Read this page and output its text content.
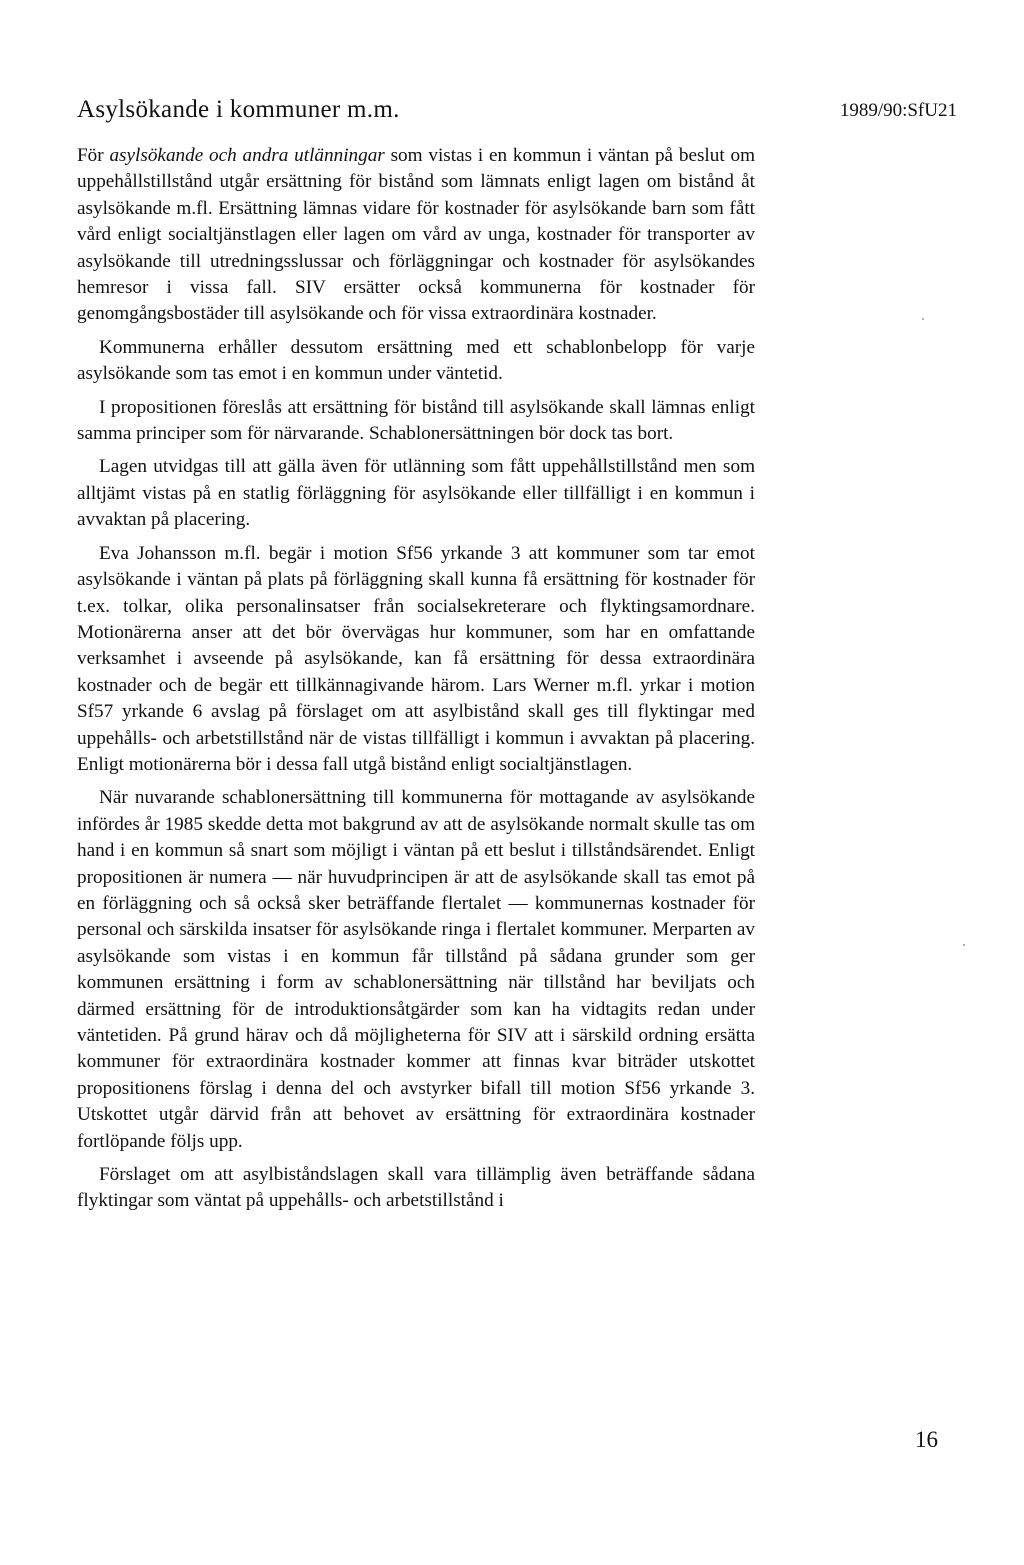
Asylsökande i kommuner m.m.	1989/90:SfU21

För asylsökande och andra utlänningar som vistas i en kommun i väntan på beslut om uppehållstillstånd utgår ersättning för bistånd som lämnats enligt lagen om bistånd åt asylsökande m.fl. Ersättning lämnas vidare för kostnader för asylsökande barn som fått vård enligt socialtjänstlagen eller lagen om vård av unga, kostnader för transporter av asylsökande till utredningsslussar och förläggningar och kostnader för asylsökandes hemresor i vissa fall. SIV ersätter också kommunerna för kostnader för genomgångsbostäder till asylsökande och för vissa extraordinära kostnader.

Kommunerna erhåller dessutom ersättning med ett schablonbelopp för varje asylsökande som tas emot i en kommun under väntetid.

I propositionen föreslås att ersättning för bistånd till asylsökande skall lämnas enligt samma principer som för närvarande. Schablonersättningen bör dock tas bort.

Lagen utvidgas till att gälla även för utlänning som fått uppehållstillstånd men som alltjämt vistas på en statlig förläggning för asylsökande eller tillfälligt i en kommun i avvaktan på placering.

Eva Johansson m.fl. begär i motion Sf56 yrkande 3 att kommuner som tar emot asylsökande i väntan på plats på förläggning skall kunna få ersättning för kostnader för t.ex. tolkar, olika personalinsatser från socialsekreterare och flyktingsamordnare. Motionärerna anser att det bör övervägas hur kommuner, som har en omfattande verksamhet i avseende på asylsökande, kan få ersättning för dessa extraordinära kostnader och de begär ett tillkännagivande härom. Lars Werner m.fl. yrkar i motion Sf57 yrkande 6 avslag på förslaget om att asylbistånd skall ges till flyktingar med uppehålls- och arbetstillstånd när de vistas tillfälligt i kommun i avvaktan på placering. Enligt motionärerna bör i dessa fall utgå bistånd enligt socialtjänstlagen.

När nuvarande schablonersättning till kommunerna för mottagande av asylsökande infördes år 1985 skedde detta mot bakgrund av att de asylsökande normalt skulle tas om hand i en kommun så snart som möjligt i väntan på ett beslut i tillståndsärendet. Enligt propositionen är numera — när huvudprincipen är att de asylsökande skall tas emot på en förläggning och så också sker beträffande flertalet — kommunernas kostnader för personal och särskilda insatser för asylsökande ringa i flertalet kommuner. Merparten av asylsökande som vistas i en kommun får tillstånd på sådana grunder som ger kommunen ersättning i form av schablonersättning när tillstånd har beviljats och därmed ersättning för de introduktionsåtgärder som kan ha vidtagits redan under väntetiden. På grund härav och då möjligheterna för SIV att i särskild ordning ersätta kommuner för extraordinära kostnader kommer att finnas kvar biträder utskottet propositionens förslag i denna del och avstyrker bifall till motion Sf56 yrkande 3. Utskottet utgår därvid från att behovet av ersättning för extraordinära kostnader fortlöpande följs upp.

Förslaget om att asylbiståndslagen skall vara tillämplig även beträffande sådana flyktingar som väntat på uppehålls- och arbetstillstånd i

16
